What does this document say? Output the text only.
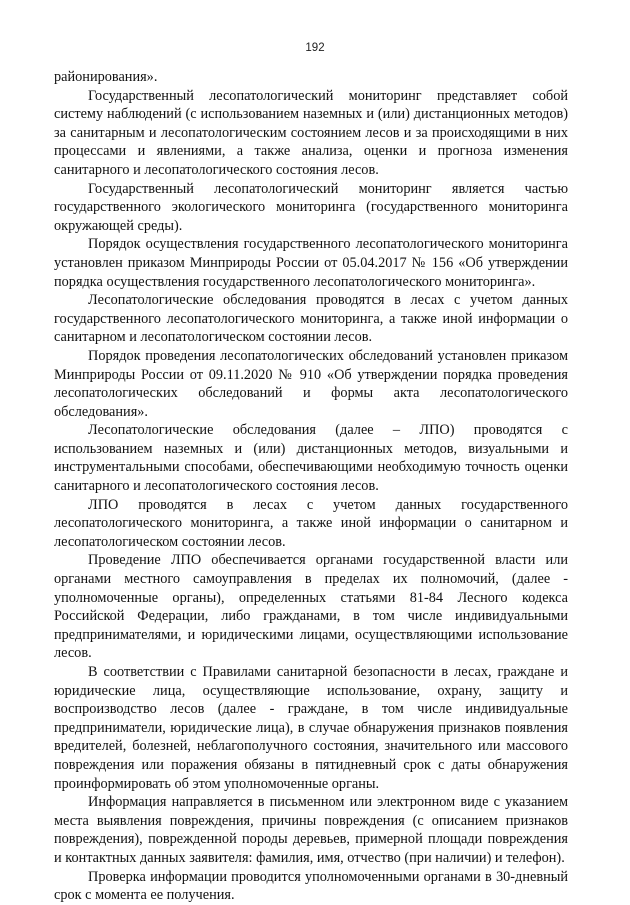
192

районирования».

Государственный лесопатологический мониторинг представляет собой систему наблюдений (с использованием наземных и (или) дистанционных методов) за санитарным и лесопатологическим состоянием лесов и за происходящими в них процессами и явлениями, а также анализа, оценки и прогноза изменения санитарного и лесопатологического состояния лесов.

Государственный лесопатологический мониторинг является частью государственного экологического мониторинга (государственного мониторинга окружающей среды).

Порядок осуществления государственного лесопатологического мониторинга установлен приказом Минприроды России от 05.04.2017 № 156 «Об утверждении порядка осуществления государственного лесопатологического мониторинга».

Лесопатологические обследования проводятся в лесах с учетом данных государственного лесопатологического мониторинга, а также иной информации о санитарном и лесопатологическом состоянии лесов.

Порядок проведения лесопатологических обследований установлен приказом Минприроды России от 09.11.2020 № 910 «Об утверждении порядка проведения лесопатологических обследований и формы акта лесопатологического обследования».

Лесопатологические обследования (далее – ЛПО) проводятся с использованием наземных и (или) дистанционных методов, визуальными и инструментальными способами, обеспечивающими необходимую точность оценки санитарного и лесопатологического состояния лесов.

ЛПО проводятся в лесах с учетом данных государственного лесопатологического мониторинга, а также иной информации о санитарном и лесопатологическом состоянии лесов.

Проведение ЛПО обеспечивается органами государственной власти или органами местного самоуправления в пределах их полномочий, (далее - уполномоченные органы), определенных статьями 81-84 Лесного кодекса Российской Федерации, либо гражданами, в том числе индивидуальными предпринимателями, и юридическими лицами, осуществляющими использование лесов.

В соответствии с Правилами санитарной безопасности в лесах, граждане и юридические лица, осуществляющие использование, охрану, защиту и воспроизводство лесов (далее - граждане, в том числе индивидуальные предприниматели, юридические лица), в случае обнаружения признаков появления вредителей, болезней, неблагополучного состояния, значительного или массового повреждения или поражения обязаны в пятидневный срок с даты обнаружения проинформировать об этом уполномоченные органы.

Информация направляется в письменном или электронном виде с указанием места выявления повреждения, причины повреждения (с описанием признаков повреждения), поврежденной породы деревьев, примерной площади повреждения и контактных данных заявителя: фамилия, имя, отчество (при наличии) и телефон).

Проверка информации проводится уполномоченными органами в 30-дневный срок с момента ее получения.
